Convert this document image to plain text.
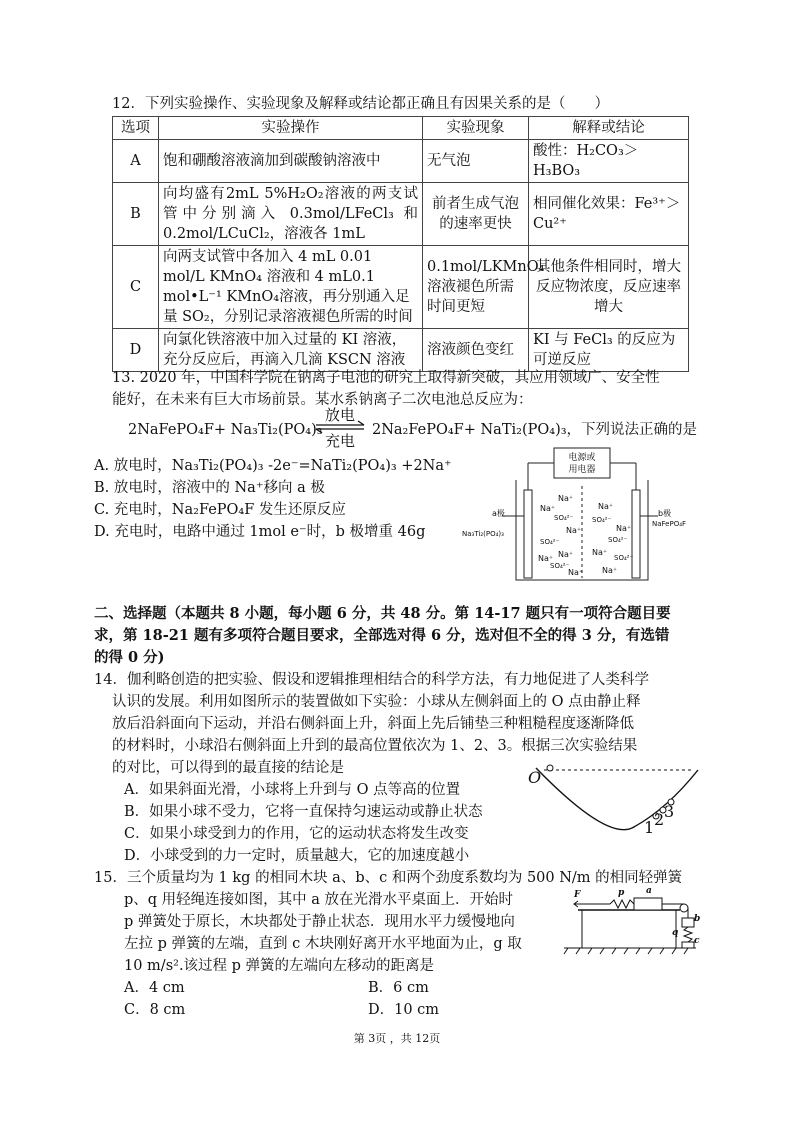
12．下列实验操作、实验现象及解释或结论都正确且有因果关系的是（　　）
选项	实验操作	实验现象	解释或结论
A	饱和硼酸溶液滴加到碳酸钠溶液中	无气泡	酸性：H₂CO₃＞H₃BO₃
B	向均盛有2mL 5%H₂O₂溶液的两支试管中分别滴入 0.3mol/LFeCl₃ 和 0.2mol/LCuCl₂，溶液各 1mL	前者生成气泡的速率更快	相同催化效果：Fe³⁺＞Cu²⁺
C	向两支试管中各加入 4 mL 0.01 mol/L KMnO₄ 溶液和 4 mL0.1 mol•L⁻¹ KMnO₄溶液，再分别通入足量 SO₂，分别记录溶液褪色所需的时间	0.1mol/LKMnO₄ 溶液褪色所需时间更短	其他条件相同时，增大反应物浓度，反应速率增大
D	向氯化铁溶液中加入过量的 KI 溶液，充分反应后，再滴入几滴 KSCN 溶液	溶液颜色变红	KI 与 FeCl₃ 的反应为可逆反应
13. 2020 年，中国科学院在钠离子电池的研究上取得新突破，其应用领域广、安全性
能好，在未来有巨大市场前景。某水系钠离子二次电池总反应为：
2NaFePO₄F+ Na₃Ti₂(PO₄)₃
放电
充电
2Na₂FePO₄F+ NaTi₂(PO₄)₃，下列说法正确的是
A. 放电时，Na₃Ti₂(PO₄)₃ -2e⁻=NaTi₂(PO₄)₃ +2Na⁺
B. 放电时，溶液中的 Na⁺移向 a 极
C. 充电时，Na₂FePO₄F 发生还原反应
D. 充电时，电路中通过 1mol e⁻时，b 极增重 46g
电源或
用电器
a极
Na₃Ti₂(PO₄)₃
b极
NaFePO₄F
Na⁺
Na⁺
SO₄²⁻
Na⁺
SO₄²⁻
Na⁺
Na⁺
SO₄²⁻
Na⁺
Na⁺
SO₄²⁻
Na⁺
SO₄²⁻
Na⁺
SO₄²⁻
Na⁺
二、选择题（本题共 8 小题，每小题 6 分，共 48 分。第 14-17 题只有一项符合题目要
求，第 18-21 题有多项符合题目要求，全部选对得 6 分，选对但不全的得 3 分，有选错
的得 0 分)
14．伽利略创造的把实验、假设和逻辑推理相结合的科学方法，有力地促进了人类科学
认识的发展。利用如图所示的装置做如下实验：小球从左侧斜面上的 O 点由静止释
放后沿斜面向下运动，并沿右侧斜面上升，斜面上先后铺垫三种粗糙程度逐渐降低
的材料时，小球沿右侧斜面上升到的最高位置依次为 1、2、3。根据三次实验结果
的对比，可以得到的最直接的结论是
A．如果斜面光滑，小球将上升到与 O 点等高的位置
B．如果小球不受力，它将一直保持匀速运动或静止状态
C．如果小球受到力的作用，它的运动状态将发生改变
D．小球受到的力一定时，质量越大，它的加速度越小
O
1 2 3
15．三个质量均为 1 kg 的相同木块 a、b、c 和两个劲度系数均为 500 N/m 的相同轻弹簧
p、q 用轻绳连接如图，其中 a 放在光滑水平桌面上．开始时
p 弹簧处于原长，木块都处于静止状态．现用水平力缓慢地向
左拉 p 弹簧的左端，直到 c 木块刚好离开水平地面为止，g 取
10 m/s².该过程 p 弹簧的左端向左移动的距离是
A．4 cm	B．6 cm
C．8 cm	D．10 cm
F	p a
b
q
c
第 3页 ，共 12页
